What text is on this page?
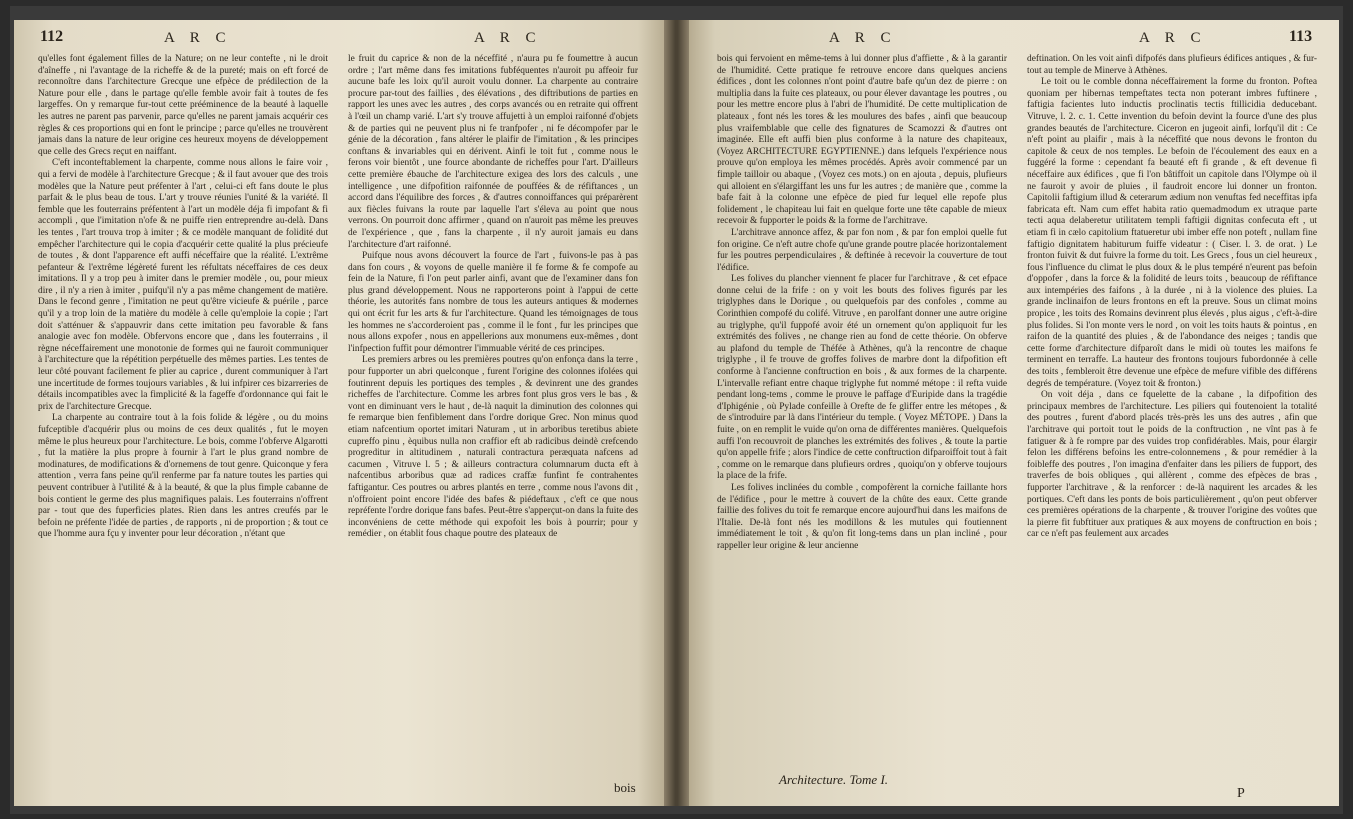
112	A R C	A R C

qu'elles font également filles de la Nature; on ne leur contefte , ni le droit d'aîneffe , ni l'avantage de la richeffe & de la pureté; mais on eft forcé de reconnoître dans l'architecture Grecque une efpèce de prédilection de la Nature pour elle , dans le partage qu'elle femble avoir fait à toutes de fes largeffes. On y remarque fur-tout cette prééminence de la beauté à laquelle les autres ne parent pas parvenir, parce qu'elles ne parent jamais acquérir ces règles & ces proportions qui en font le principe ; parce qu'elles ne trouvèrent jamais dans la nature de leur origine ces heureux moyens de développement que celle des Grecs reçut en naiffant.

C'eft inconteftablement la charpente, comme nous allons le faire voir , qui a fervi de modèle à l'architecture Grecque ; & il faut avouer que des trois modèles que la Nature peut préfenter à l'art , celui-ci eft fans doute le plus parfait & le plus beau de tous. L'art y trouve réunies l'unité & la variété. Il femble que les fouterrains préfentent à l'art un modèle déja fi impofant & fi accompli , que l'imitation n'ofe & ne puiffe rien entreprendre au-delà. Dans les tentes , l'art trouva trop à imiter ; & ce modèle manquant de folidité dut empêcher l'architecture qui le copia d'acquérir cette qualité la plus précieufe de toutes , & dont l'apparence eft auffi néceffaire que la réalité. L'extrême pefanteur & l'extrême légèreté furent les réfultats néceffaires de ces deux imitations. Il y a trop peu à imiter dans le premier modèle , ou, pour mieux dire , il n'y a rien à imiter , puifqu'il n'y a pas même changement de matière. Dans le fecond genre , l'imitation ne peut qu'être vicieufe & puérile , parce qu'il y a trop loin de la matière du modèle à celle qu'emploie la copie ; l'art doit s'atténuer & s'appauvrir dans cette imitation peu favorable & fans analogie avec fon modèle. Obfervons encore que , dans les fouterrains , il règne néceffairement une monotonie de formes qui ne fauroit communiquer à l'architecture que la répétition perpétuelle des mêmes parties. Les tentes de leur côté pouvant facilement fe plier au caprice , durent communiquer à l'art une incertitude de formes toujours variables , & lui infpirer ces bizarreries de détails incompatibles avec la fimplicité & la fageffe d'ordonnance qui fait le prix de l'architecture Grecque.

La charpente au contraire tout à la fois folide & légère , ou du moins fufceptible d'acquérir plus ou moins de ces deux qualités , fut le moyen même le plus heureux pour l'architecture. Le bois, comme l'obferve Algarotti , fut la matière la plus propre à fournir à l'art le plus grand nombre de modinatures, de modifications & d'ornemens de tout genre. Quiconque y fera attention , verra fans peine qu'il renferme par fa nature toutes les parties qui peuvent contribuer à l'utilité & à la beauté, & que la plus fimple cabanne de bois contient le germe des plus magnifiques palais. Les fouterrains n'offrent par - tout que des fuperficies plates. Rien dans les antres creufés par le befoin ne préfente l'idée de parties , de rapports , ni de proportion ; & tout ce que l'homme aura fçu y inventer pour leur décoration , n'étant que

le fruit du caprice & non de la néceffité , n'aura pu fe foumettre à aucun ordre ; l'art même dans fes imitations fubféquentes n'auroit pu affeoir fur aucune bafe les loix qu'il auroit voulu donner. La charpente au contraire procure par-tout des faillies , des élévations , des diftributions de parties en rapport les unes avec les autres , des corps avancés ou en retraite qui offrent à l'œil un champ varié. L'art s'y trouve affujetti à un emploi raifonné d'objets & de parties qui ne peuvent plus ni fe tranfpofer , ni fe décompofer par le génie de la décoration , fans altérer le plaifir de l'imitation , & les principes conftans & invariables qui en dérivent. Ainfi le toit fut , comme nous le ferons voir bientôt , une fource abondante de richeffes pour l'art. D'ailleurs cette première ébauche de l'architecture exigea des lors des calculs , une intelligence , une difpofition raifonnée de pouffées & de réfiftances , un accord dans l'équilibre des forces , & d'autres connoiffances qui préparèrent aux fiècles fuivans la route par laquelle l'art s'éleva au point que nous verrons. On pourroit donc affirmer , quand on n'auroit pas même les preuves de l'expérience , que , fans la charpente , il n'y auroit jamais eu dans l'architecture d'art raifonné.

Puifque nous avons découvert la fource de l'art , fuivons-le pas à pas dans fon cours , & voyons de quelle manière il fe forme & fe compofe au fein de la Nature, fi l'on peut parler ainfi, avant que de l'examiner dans fon plus grand développement. Nous ne rapporterons point à l'appui de cette théorie, les autorités fans nombre de tous les auteurs antiques & modernes qui ont écrit fur les arts & fur l'architecture. Quand les témoignages de tous les hommes ne s'accorderoient pas , comme il le font , fur les principes que nous allons expofer , nous en appellerions aux monumens eux-mêmes , dont l'infpection fuffit pour démontrer l'immuable vérité de ces principes.

Les premiers arbres ou les premières poutres qu'on enfonça dans la terre , pour fupporter un abri quelconque , furent l'origine des colonnes ifolées qui foutinrent depuis les portiques des temples , & devinrent une des grandes richeffes de l'architecture. Comme les arbres font plus gros vers le bas , & vont en diminuant vers le haut , de-là naquit la diminution des colonnes qui fe remarque bien fenfiblement dans l'ordre dorique Grec. Non minus quod etiam nafcentium oportet imitari Naturam , ut in arboribus teretibus abiete cupreffo pinu , èquibus nulla non craffior eft ab radicibus deindè crefcendo progreditur in altitudinem , naturali contractura peræquata nafcens ad cacumen , Vitruve l. 5 ; & ailleurs contractura columnarum ducta eft à nafcentibus arboribus quæ ad radices craffæ funfint fe contrahentes faftigantur. Ces poutres ou arbres plantés en terre , comme nous l'avons dit , n'offroient point encore l'idée des bafes & piédeftaux , c'eft ce que nous repréfente l'ordre dorique fans bafes. Peut-être s'apperçut-on dans la fuite des inconvéniens de cette méthode qui expofoit les bois à pourrir; pour y remédier , on établit fous chaque poutre des plateaux de

bois
A R C	A R C	113

bois qui fervoient en même-tems à lui donner plus d'affiette , & à la garantir de l'humidité. Cette pratique fe retrouve encore dans quelques anciens édifices , dont les colonnes n'ont point d'autre bafe qu'un dez de pierre : on multiplia dans la fuite ces plateaux, ou pour élever davantage les poutres , ou pour les mettre encore plus à l'abri de l'humidité. De cette multiplication de plateaux , font nés les tores & les moulures des bafes , ainfi que beaucoup plus vraifemblable que celle des fignatures de Scamozzi & d'autres ont imaginée. Elle eft auffi bien plus conforme à la nature des chapiteaux, (Voyez ARCHITECTURE EGYPTIENNE.) dans lefquels l'expérience nous prouve qu'on employa les mêmes procédés. Après avoir commencé par un fimple tailloir ou abaque , (Voyez ces mots.) on en ajouta , depuis, plufieurs qui alloient en s'élargiffant les uns fur les autres ; de manière que , comme la bafe fait à la colonne une efpèce de pied fur lequel elle repofe plus folidement , le chapiteau lui fait en quelque forte une tête capable de mieux recevoir & fupporter le poids & la forme de l'architrave.

L'architrave annonce affez, & par fon nom , & par fon emploi quelle fut fon origine. Ce n'eft autre chofe qu'une grande poutre placée horizontalement fur les poutres perpendiculaires , & deftinée à recevoir la couverture de tout l'édifice.

Les folives du plancher viennent fe placer fur l'architrave , & cet efpace donne celui de la frife : on y voit les bouts des folives figurés par les triglyphes dans le Dorique , ou quelquefois par des confoles , comme au Corinthien compofé du colifé. Vitruve , en parolfant donner une autre origine au triglyphe, qu'il fuppofé avoir été un ornement qu'on appliquoit fur les extrémités des folives , ne change rien au fond de cette théorie. On obferve au plafond du temple de Théfée à Athènes, qu'à la rencontre de chaque triglyphe , il fe trouve de groffes folives de marbre dont la difpofition eft conforme à l'ancienne conftruction en bois , & aux formes de la charpente. L'intervalle refiant entre chaque triglyphe fut nommé métope : il refta vuide pendant long-tems , comme le prouve le paffage d'Euripide dans la tragédie d'Iphigénie , où Pylade confeille à Orefte de fe gliffer entre les métopes , & de s'introduire par là dans l'intérieur du temple. ( Voyez MÉTOPE. ) Dans la fuite , on en remplit le vuide qu'on orna de différentes manières. Quelquefois auffi l'on recouvroit de planches les extrémités des folives , & toute la partie qu'on appelle frife ; alors l'indice de cette conftruction difparoiffoit tout à fait , comme on le remarque dans plufieurs ordres , quoiqu'on y obferve toujours la place de la frife.

Les folives inclinées du comble , compofèrent la corniche faillante hors de l'édifice , pour le mettre à couvert de la chûte des eaux. Cette grande faillie des folives du toit fe remarque encore aujourd'hui dans les maifons de l'Italie. De-là font nés les modillons & les mutules qui foutiennent immédiatement le toit , & qu'on fit long-tems dans un plan incliné , pour rappeller leur origine & leur ancienne

deftination. On les voit ainfi difpofés dans plufieurs édifices antiques , & fur-tout au temple de Minerve à Athènes.

Le toit ou le comble donna néceffairement la forme du fronton. Poftea quoniam per hibernas tempeftates tecta non poterant imbres fuftinere , faftigia facientes luto inductis proclinatis tectis ftillicidia deducebant. Vitruve, l. 2. c. 1. Cette invention du befoin devint la fource d'une des plus grandes beautés de l'architecture. Ciceron en jugeoit ainfi, lorfqu'il dit : Ce n'eft point au plaifir , mais à la néceffité que nous devons le fronton du capitole & ceux de nos temples. Le befoin de l'écoulement des eaux en a fuggéré la forme : cependant fa beauté eft fi grande , & eft devenue fi néceffaire aux édifices , que fi l'on bâtiffoit un capitole dans l'Olympe où il ne fauroit y avoir de pluies , il faudroit encore lui donner un fronton. Capitolii faftigium illud & ceterarum ædium non venuftas fed neceffitas ipfa fabricata eft. Nam cum effet habita ratio quemadmodum ex utraque parte tecti aqua delaberetur utilitatem templi faftigii dignitas confecuta eft , ut etiam fi in cælo capitolium ftatueretur ubi imber effe non poteft , nullam fine faftigio dignitatem habiturum fuiffe videatur : ( Ciser. l. 3. de orat. ) Le fronton fuivit & dut fuivre la forme du toit. Les Grecs , fous un ciel heureux , fous l'influence du climat le plus doux & le plus tempéré n'eurent pas befoin d'oppofer , dans la force & la folidité de leurs toits , beaucoup de réfiftance aux intempéries des faifons , à la durée , ni à la violence des pluies. La grande inclinaifon de leurs frontons en eft la preuve. Sous un climat moins propice , les toits des Romains devinrent plus élevés , plus aigus , c'eft-à-dire plus folides. Si l'on monte vers le nord , on voit les toits hauts & pointus , en raifon de la quantité des pluies , & de l'abondance des neiges ; tandis que cette forme d'architecture difparoît dans le midi où toutes les maifons fe terminent en terraffe. La hauteur des frontons toujours fubordonnée à celle des toits , fembleroit être devenue une efpèce de mefure vifible des différens degrés de température. (Voyez toit & fronton.)

On voit déja , dans ce fquelette de la cabane , la difpofition des principaux membres de l'architecture. Les piliers qui foutenoient la totalité des poutres , furent d'abord placés très-près les uns des autres , afin que l'architrave qui portoit tout le poids de la conftruction , ne vînt pas à fe fatiguer & à fe rompre par des vuides trop confidérables. Mais, pour élargir felon les différens befoins les entre-colonnemens , & pour remédier à la foibleffe des poutres , l'on imagina d'enfaiter dans les piliers de fupport, des traverfes de bois obliques , qui allèrent , comme des efpèces de bras , fupporter l'architrave , & la renforcer : de-là naquirent les arcades & les portiques. C'eft dans les ponts de bois particulièrement , qu'on peut obferver ces premières opérations de la charpente , & trouver l'origine des voûtes que la pierre fit fubftituer aux pratiques & aux moyens de conftruction en bois ; car ce n'eft pas feulement aux arcades

Architecture. Tome I.
P
